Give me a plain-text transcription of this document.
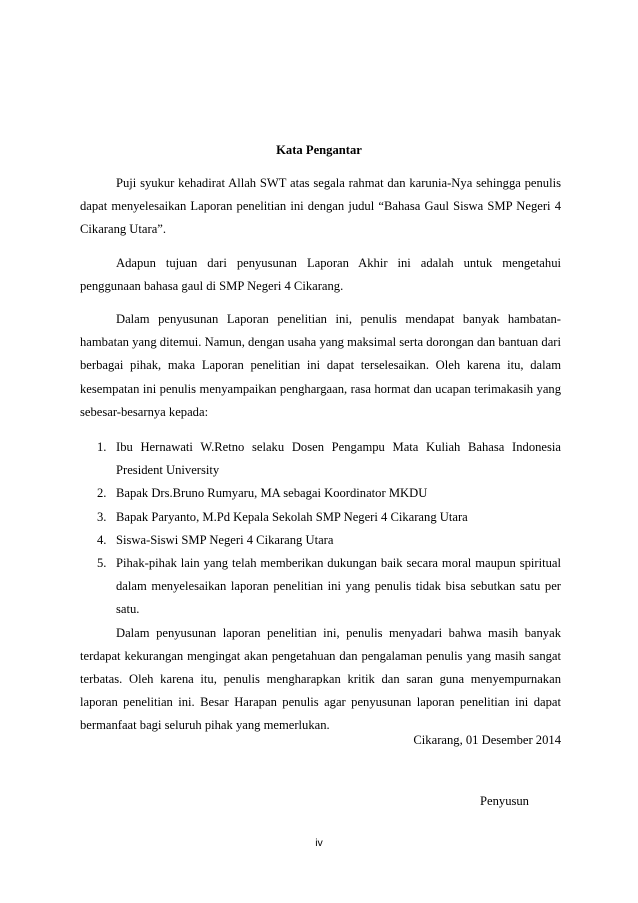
Kata Pengantar

Puji syukur kehadirat Allah SWT atas segala rahmat dan karunia-Nya sehingga penulis dapat menyelesaikan Laporan penelitian ini dengan judul “Bahasa Gaul Siswa SMP Negeri 4 Cikarang Utara”.

Adapun tujuan dari penyusunan Laporan Akhir ini adalah untuk mengetahui penggunaan bahasa gaul di SMP Negeri 4 Cikarang.

Dalam penyusunan Laporan penelitian ini, penulis mendapat banyak hambatan-hambatan yang ditemui. Namun, dengan usaha yang maksimal serta dorongan dan bantuan dari berbagai pihak, maka Laporan penelitian ini dapat terselesaikan. Oleh karena itu, dalam kesempatan ini penulis menyampaikan penghargaan, rasa hormat dan ucapan terimakasih yang sebesar-besarnya kepada:

1. Ibu Hernawati W.Retno selaku Dosen Pengampu Mata Kuliah Bahasa Indonesia President University
2. Bapak Drs.Bruno Rumyaru, MA sebagai Koordinator MKDU
3. Bapak Paryanto, M.Pd Kepala Sekolah SMP Negeri 4 Cikarang Utara
4. Siswa-Siswi SMP Negeri 4 Cikarang Utara
5. Pihak-pihak lain yang telah memberikan dukungan baik secara moral maupun spiritual dalam menyelesaikan laporan penelitian ini yang penulis tidak bisa sebutkan satu per satu.

Dalam penyusunan laporan penelitian ini, penulis menyadari bahwa masih banyak terdapat kekurangan mengingat akan pengetahuan dan pengalaman penulis yang masih sangat terbatas. Oleh karena itu, penulis mengharapkan kritik dan saran guna menyempurnakan laporan penelitian ini. Besar Harapan penulis agar penyusunan laporan penelitian ini dapat bermanfaat bagi seluruh pihak yang memerlukan.

Cikarang, 01 Desember 2014
Penyusun
iv
